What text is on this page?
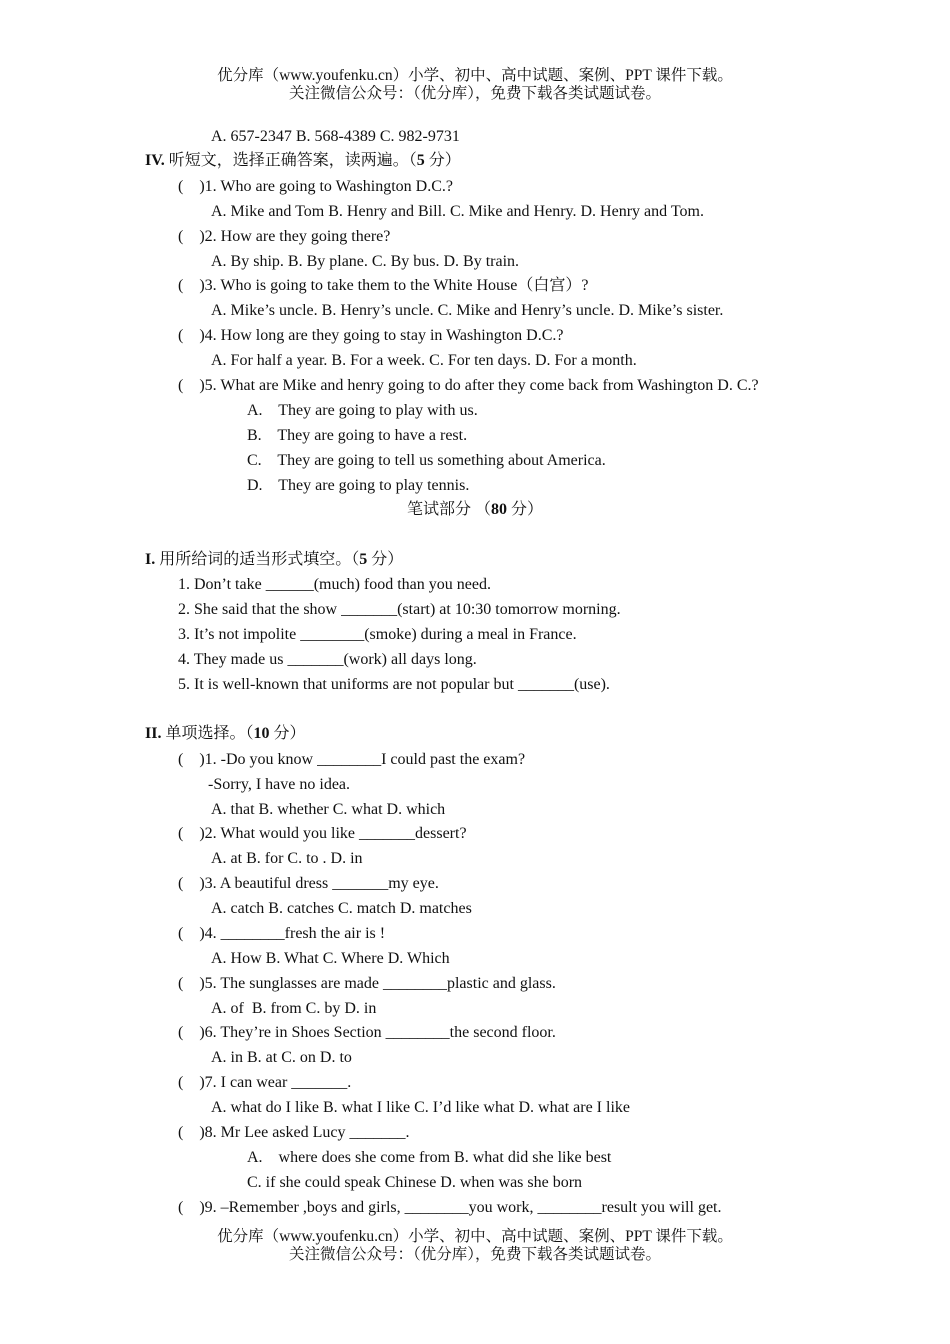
优分库（www.youfenku.cn）小学、初中、高中试题、案例、PPT 课件下载。
关注微信公众号：（优分库），免费下载各类试题试卷。
A. 657-2347 B. 568-4389 C. 982-9731
IV. 听短文，选择正确答案，读两遍。（5 分）
(    )1. Who are going to Washington D.C.?
A. Mike and Tom B. Henry and Bill. C. Mike and Henry. D. Henry and Tom.
(    )2. How are they going there?
A. By ship. B. By plane. C. By bus. D. By train.
(    )3. Who is going to take them to the White House（白宫）?
A. Mike’s uncle. B. Henry’s uncle. C. Mike and Henry’s uncle. D. Mike’s sister.
(    )4. How long are they going to stay in Washington D.C.?
A. For half a year. B. For a week. C. For ten days. D. For a month.
(    )5. What are Mike and henry going to do after they come back from Washington D. C.?
A.    They are going to play with us.
B.    They are going to have a rest.
C.    They are going to tell us something about America.
D.    They are going to play tennis.
笔试部分 （80 分）
I. 用所给词的适当形式填空。（5 分）
1. Don’t take ______(much) food than you need.
2. She said that the show _______(start) at 10:30 tomorrow morning.
3. It’s not impolite ________(smoke) during a meal in France.
4. They made us _______(work) all days long.
5. It is well-known that uniforms are not popular but _______(use).
II. 单项选择。（10 分）
(    )1. -Do you know ________I could past the exam?
-Sorry, I have no idea.
A. that B. whether C. what D. which
(    )2. What would you like _______dessert?
A. at B. for C. to . D. in
(    )3. A beautiful dress _______my eye.
A. catch B. catches C. match D. matches
(    )4. ________fresh the air is !
A. How B. What C. Where D. Which
(    )5. The sunglasses are made ________plastic and glass.
A. of  B. from C. by D. in
(    )6. They’re in Shoes Section ________the second floor.
A. in B. at C. on D. to
(    )7. I can wear _______.
A. what do I like B. what I like C. I’d like what D. what are I like
(    )8. Mr Lee asked Lucy _______.
A.    where does she come from B. what did she like best
C. if she could speak Chinese D. when was she born
(    )9. –Remember ,boys and girls, ________you work, ________result you will get.
优分库（www.youfenku.cn）小学、初中、高中试题、案例、PPT 课件下载。
关注微信公众号：（优分库），免费下载各类试题试卷。
